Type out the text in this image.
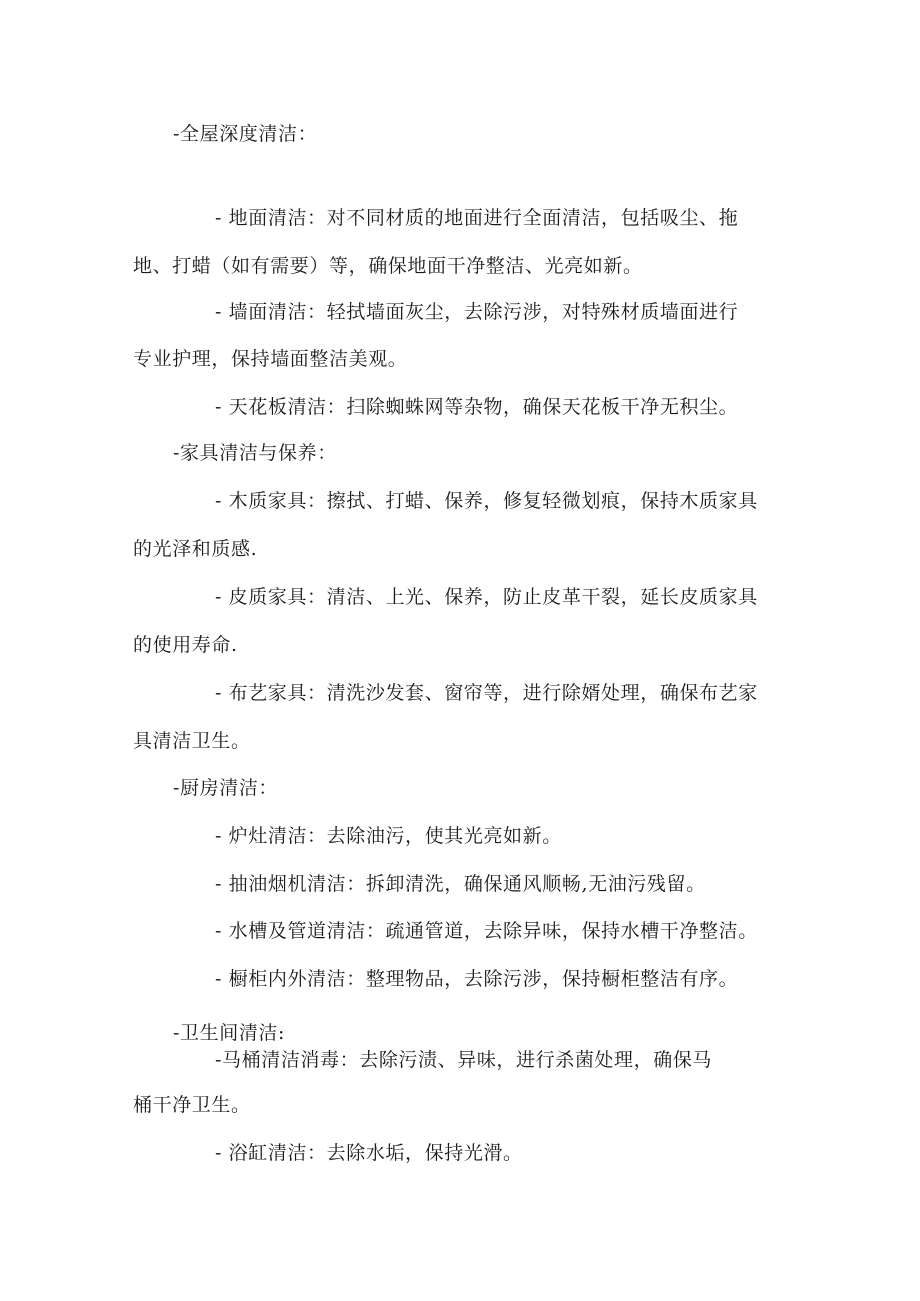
-全屋深度清洁：
- 地面清洁：对不同材质的地面进行全面清洁，包括吸尘、拖
地、打蜡（如有需要）等，确保地面干净整洁、光亮如新。
- 墙面清洁：轻拭墙面灰尘，去除污涉，对特殊材质墙面进行
专业护理，保持墙面整洁美观。
- 天花板清洁：扫除蜘蛛网等杂物，确保天花板干净无积尘。
-家具清洁与保养：
- 木质家具：擦拭、打蜡、保养，修复轻微划痕，保持木质家具
的光泽和质感.
- 皮质家具：清洁、上光、保养，防止皮革干裂，延长皮质家具
的使用寿命.
- 布艺家具：清洗沙发套、窗帘等，进行除婿处理，确保布艺家
具清洁卫生。
-厨房清洁：
- 炉灶清洁：去除油污，使其光亮如新。
- 抽油烟机清洁：拆卸清洗，确保通风顺畅,无油污残留。
- 水槽及管道清洁：疏通管道，去除异味，保持水槽干净整洁。
- 橱柜内外清洁：整理物品，去除污涉，保持橱柜整洁有序。
-卫生间清洁:
-马桶清洁消毒：去除污渍、异味，进行杀菌处理，确保马
桶干净卫生。
- 浴缸清洁：去除水垢，保持光滑。
